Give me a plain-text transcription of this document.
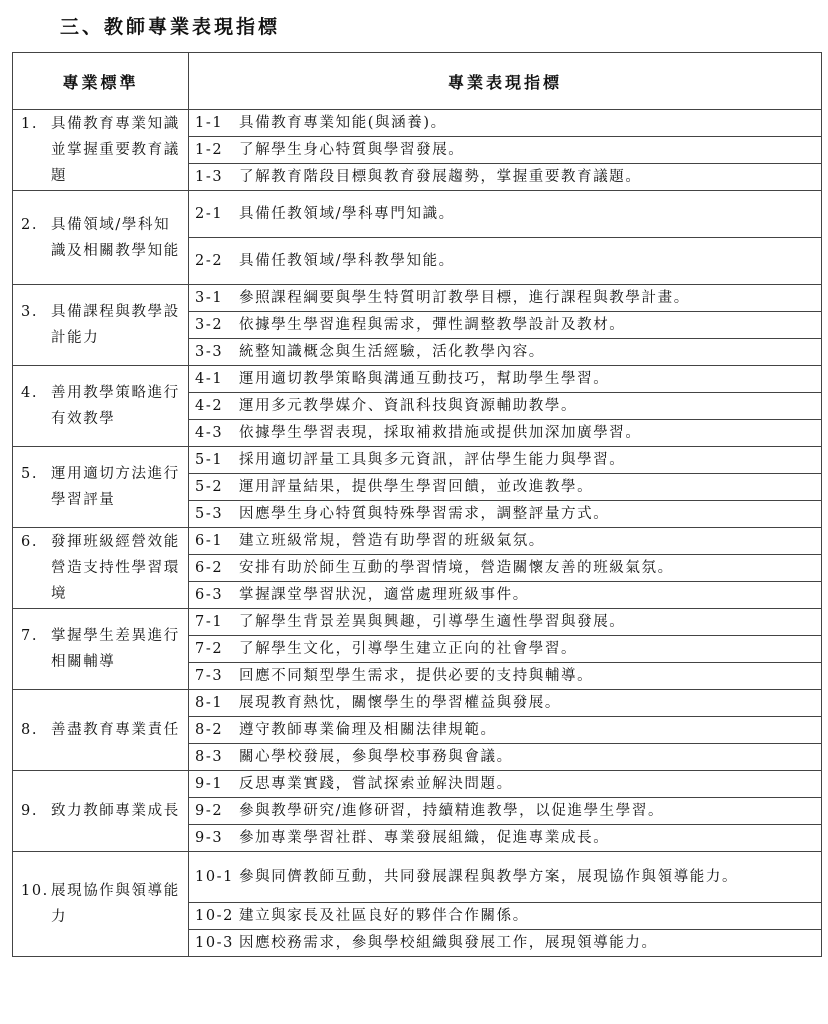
三、教師專業表現指標
專業標準	專業表現指標

1. 具備教育專業知識並掌握重要教育議題	1-1 具備教育專業知能(與涵養)。

	1-2 了解學生身心特質與學習發展。

	1-3 了解教育階段目標與教育發展趨勢，掌握重要教育議題。

2. 具備領域/學科知識及相關教學知能	2-1 具備任教領域/學科專門知識。

	2-2 具備任教領域/學科教學知能。

3. 具備課程與教學設計能力	3-1 參照課程綱要與學生特質明訂教學目標，進行課程與教學計畫。

	3-2 依據學生學習進程與需求，彈性調整教學設計及教材。

	3-3 統整知識概念與生活經驗，活化教學內容。

4. 善用教學策略進行有效教學	4-1 運用適切教學策略與溝通互動技巧，幫助學生學習。

	4-2 運用多元教學媒介、資訊科技與資源輔助教學。

	4-3 依據學生學習表現，採取補救措施或提供加深加廣學習。

5. 運用適切方法進行學習評量	5-1 採用適切評量工具與多元資訊，評估學生能力與學習。

	5-2 運用評量結果，提供學生學習回饋，並改進教學。

	5-3 因應學生身心特質與特殊學習需求，調整評量方式。

6. 發揮班級經營效能營造支持性學習環境	6-1 建立班級常規，營造有助學習的班級氣氛。

	6-2 安排有助於師生互動的學習情境，營造關懷友善的班級氣氛。

	6-3 掌握課堂學習狀況，適當處理班級事件。

7. 掌握學生差異進行相關輔導	7-1 了解學生背景差異與興趣，引導學生適性學習與發展。

	7-2 了解學生文化，引導學生建立正向的社會學習。

	7-3 回應不同類型學生需求，提供必要的支持與輔導。

8. 善盡教育專業責任	8-1 展現教育熱忱，關懷學生的學習權益與發展。

	8-2 遵守教師專業倫理及相關法律規範。

	8-3 關心學校發展，參與學校事務與會議。

9. 致力教師專業成長	9-1 反思專業實踐，嘗試探索並解決問題。

	9-2 參與教學研究/進修研習，持續精進教學，以促進學生學習。

	9-3 參加專業學習社群、專業發展組織，促進專業成長。

10. 展現協作與領導能力	10-1 參與同儕教師互動，共同發展課程與教學方案，展現協作與領導能力。

	10-2 建立與家長及社區良好的夥伴合作關係。

	10-3 因應校務需求，參與學校組織與發展工作，展現領導能力。
